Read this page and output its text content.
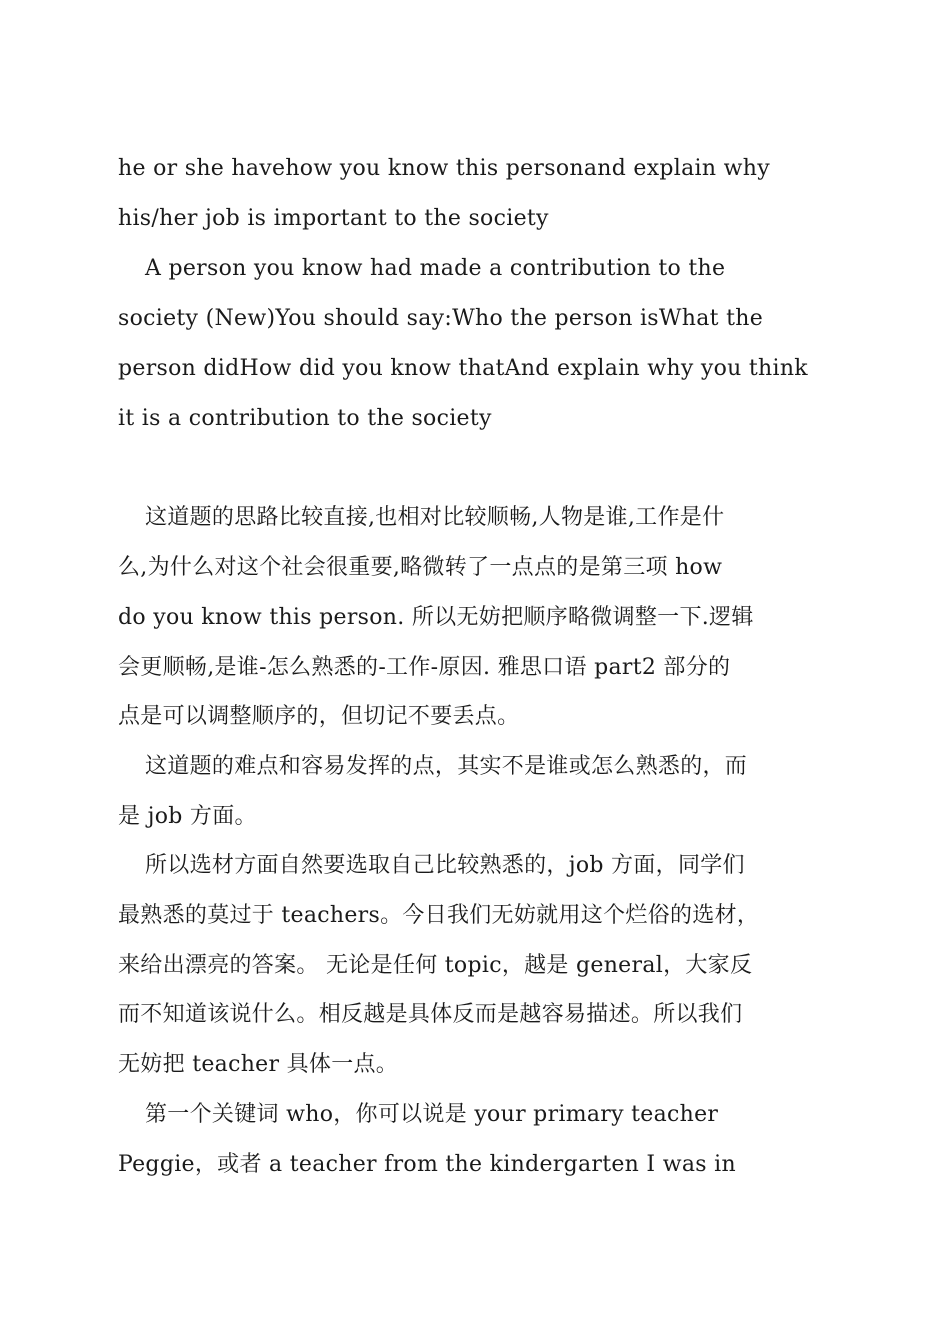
he or she havehow you know this personand explain why
his/her job is important to the society
A person you know had made a contribution to the
society (New)You should say:Who the person isWhat the
person didHow did you know thatAnd explain why you think
it is a contribution to the society
这道题的思路比较直接,也相对比较顺畅,人物是谁,工作是什
么,为什么对这个社会很重要,略微转了一点点的是第三项 how
do you know this person. 所以无妨把顺序略微调整一下.逻辑
会更顺畅,是谁-怎么熟悉的-工作-原因. 雅思口语 part2 部分的
点是可以调整顺序的，但切记不要丢点。
这道题的难点和容易发挥的点，其实不是谁或怎么熟悉的，而
是 job 方面。
所以选材方面自然要选取自己比较熟悉的，job 方面，同学们
最熟悉的莫过于 teachers。今日我们无妨就用这个烂俗的选材，
来给出漂亮的答案。 无论是任何 topic，越是 general，大家反
而不知道该说什么。相反越是具体反而是越容易描述。所以我们
无妨把 teacher 具体一点。
第一个关键词 who，你可以说是 your primary teacher
Peggie，或者 a teacher from the kindergarten I was in
